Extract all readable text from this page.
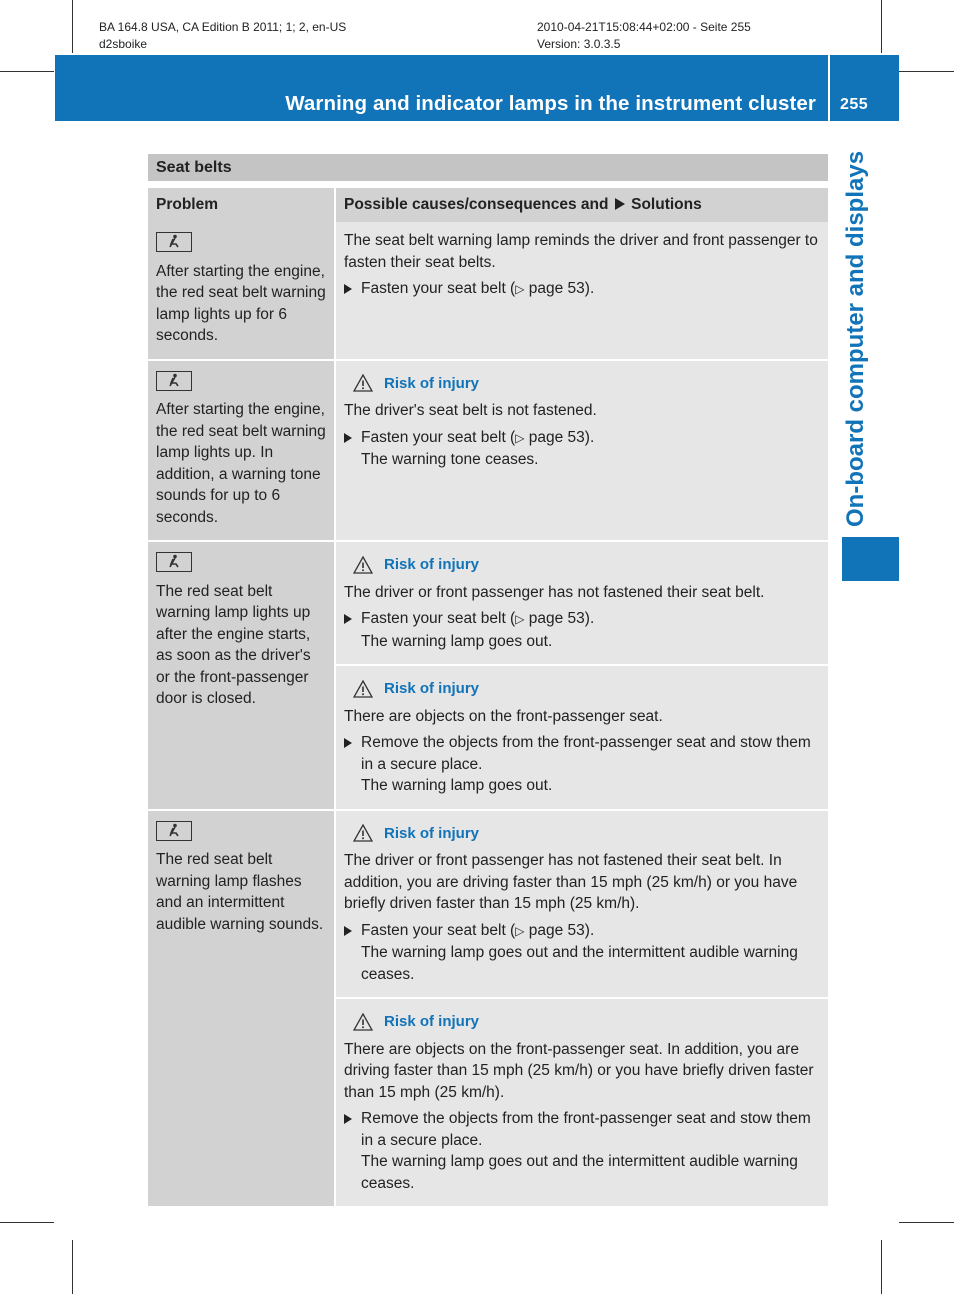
BA 164.8 USA, CA Edition B 2011; 1; 2, en-US
d2sboike
2010-04-21T15:08:44+02:00 - Seite 255
Version: 3.0.3.5
Warning and indicator lamps in the instrument cluster 255
On-board computer and displays
Seat belts
Problem	Possible causes/consequences and Solutions

After starting the engine, the red seat belt warning lamp lights up for 6 seconds.	The seat belt warning lamp reminds the driver and front passenger to fasten their seat belts.
Fasten your seat belt (▷ page 53).

After starting the engine, the red seat belt warning lamp lights up. In addition, a warning tone sounds for up to 6 seconds.	Risk of injury
The driver's seat belt is not fastened.
Fasten your seat belt (▷ page 53).
The warning tone ceases.

The red seat belt warning lamp lights up after the engine starts, as soon as the driver's or the front-passenger door is closed.	Risk of injury
The driver or front passenger has not fastened their seat belt.
Fasten your seat belt (▷ page 53).
The warning lamp goes out.

	Risk of injury
There are objects on the front-passenger seat.
Remove the objects from the front-passenger seat and stow them in a secure place.
The warning lamp goes out.

The red seat belt warning lamp flashes and an intermittent audible warning sounds.	Risk of injury
The driver or front passenger has not fastened their seat belt. In addition, you are driving faster than 15 mph (25 km/h) or you have briefly driven faster than 15 mph (25 km/h).
Fasten your seat belt (▷ page 53).
The warning lamp goes out and the intermittent audible warning ceases.

	Risk of injury
There are objects on the front-passenger seat. In addition, you are driving faster than 15 mph (25 km/h) or you have briefly driven faster than 15 mph (25 km/h).
Remove the objects from the front-passenger seat and stow them in a secure place.
The warning lamp goes out and the intermittent audible warning ceases.
